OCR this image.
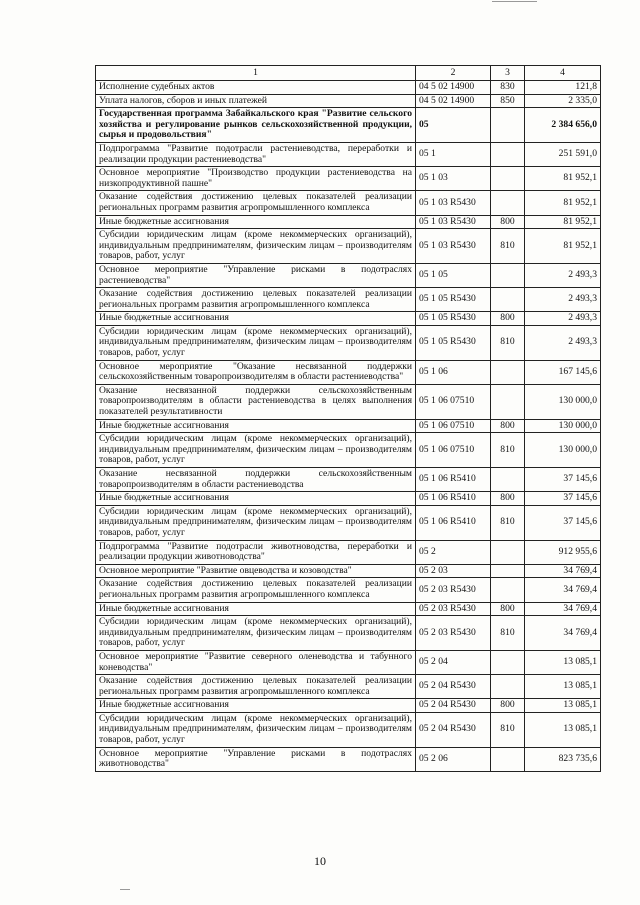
1	2	3	4
Исполнение судебных актов	04 5 02 14900	830	121,8
Уплата налогов, сборов и иных платежей	04 5 02 14900	850	2 335,0
Государственная программа Забайкальского края "Развитие сельского хозяйства и регулирование рынков сельскохозяйственной продукции, сырья и продовольствия"	05		2 384 656,0
Подпрограмма "Развитие подотрасли растениеводства, переработки и реализации продукции растениеводства"	05 1		251 591,0
Основное мероприятие "Производство продукции растениеводства на низкопродуктивной пашне"	05 1 03		81 952,1
Оказание содействия достижению целевых показателей реализации региональных программ развития агропромышленного комплекса	05 1 03 R5430		81 952,1
Иные бюджетные ассигнования	05 1 03 R5430	800	81 952,1
Субсидии юридическим лицам (кроме некоммерческих организаций), индивидуальным предпринимателям, физическим лицам – производителям товаров, работ, услуг	05 1 03 R5430	810	81 952,1
Основное мероприятие "Управление рисками в подотраслях растениеводства"	05 1 05		2 493,3
Оказание содействия достижению целевых показателей реализации региональных программ развития агропромышленного комплекса	05 1 05 R5430		2 493,3
Иные бюджетные ассигнования	05 1 05 R5430	800	2 493,3
Субсидии юридическим лицам (кроме некоммерческих организаций), индивидуальным предпринимателям, физическим лицам – производителям товаров, работ, услуг	05 1 05 R5430	810	2 493,3
Основное мероприятие "Оказание несвязанной поддержки сельскохозяйственным товаропроизводителям в области растениеводства"	05 1 06		167 145,6
Оказание несвязанной поддержки сельскохозяйственным товаропроизводителям в области растениеводства в целях выполнения показателей результативности	05 1 06 07510		130 000,0
Иные бюджетные ассигнования	05 1 06 07510	800	130 000,0
Субсидии юридическим лицам (кроме некоммерческих организаций), индивидуальным предпринимателям, физическим лицам – производителям товаров, работ, услуг	05 1 06 07510	810	130 000,0
Оказание несвязанной поддержки сельскохозяйственным товаропроизводителям в области растениеводства	05 1 06 R5410		37 145,6
Иные бюджетные ассигнования	05 1 06 R5410	800	37 145,6
Субсидии юридическим лицам (кроме некоммерческих организаций), индивидуальным предпринимателям, физическим лицам – производителям товаров, работ, услуг	05 1 06 R5410	810	37 145,6
Подпрограмма "Развитие подотрасли животноводства, переработки и реализации продукции животноводства"	05 2		912 955,6
Основное мероприятие "Развитие овцеводства и козоводства"	05 2 03		34 769,4
Оказание содействия достижению целевых показателей реализации региональных программ развития агропромышленного комплекса	05 2 03 R5430		34 769,4
Иные бюджетные ассигнования	05 2 03 R5430	800	34 769,4
Субсидии юридическим лицам (кроме некоммерческих организаций), индивидуальным предпринимателям, физическим лицам – производителям товаров, работ, услуг	05 2 03 R5430	810	34 769,4
Основное мероприятие "Развитие северного оленеводства и табунного коневодства"	05 2 04		13 085,1
Оказание содействия достижению целевых показателей реализации региональных программ развития агропромышленного комплекса	05 2 04 R5430		13 085,1
Иные бюджетные ассигнования	05 2 04 R5430	800	13 085,1
Субсидии юридическим лицам (кроме некоммерческих организаций), индивидуальным предпринимателям, физическим лицам – производителям товаров, работ, услуг	05 2 04 R5430	810	13 085,1
Основное мероприятие "Управление рисками в подотраслях животноводства"	05 2 06		823 735,6
10
